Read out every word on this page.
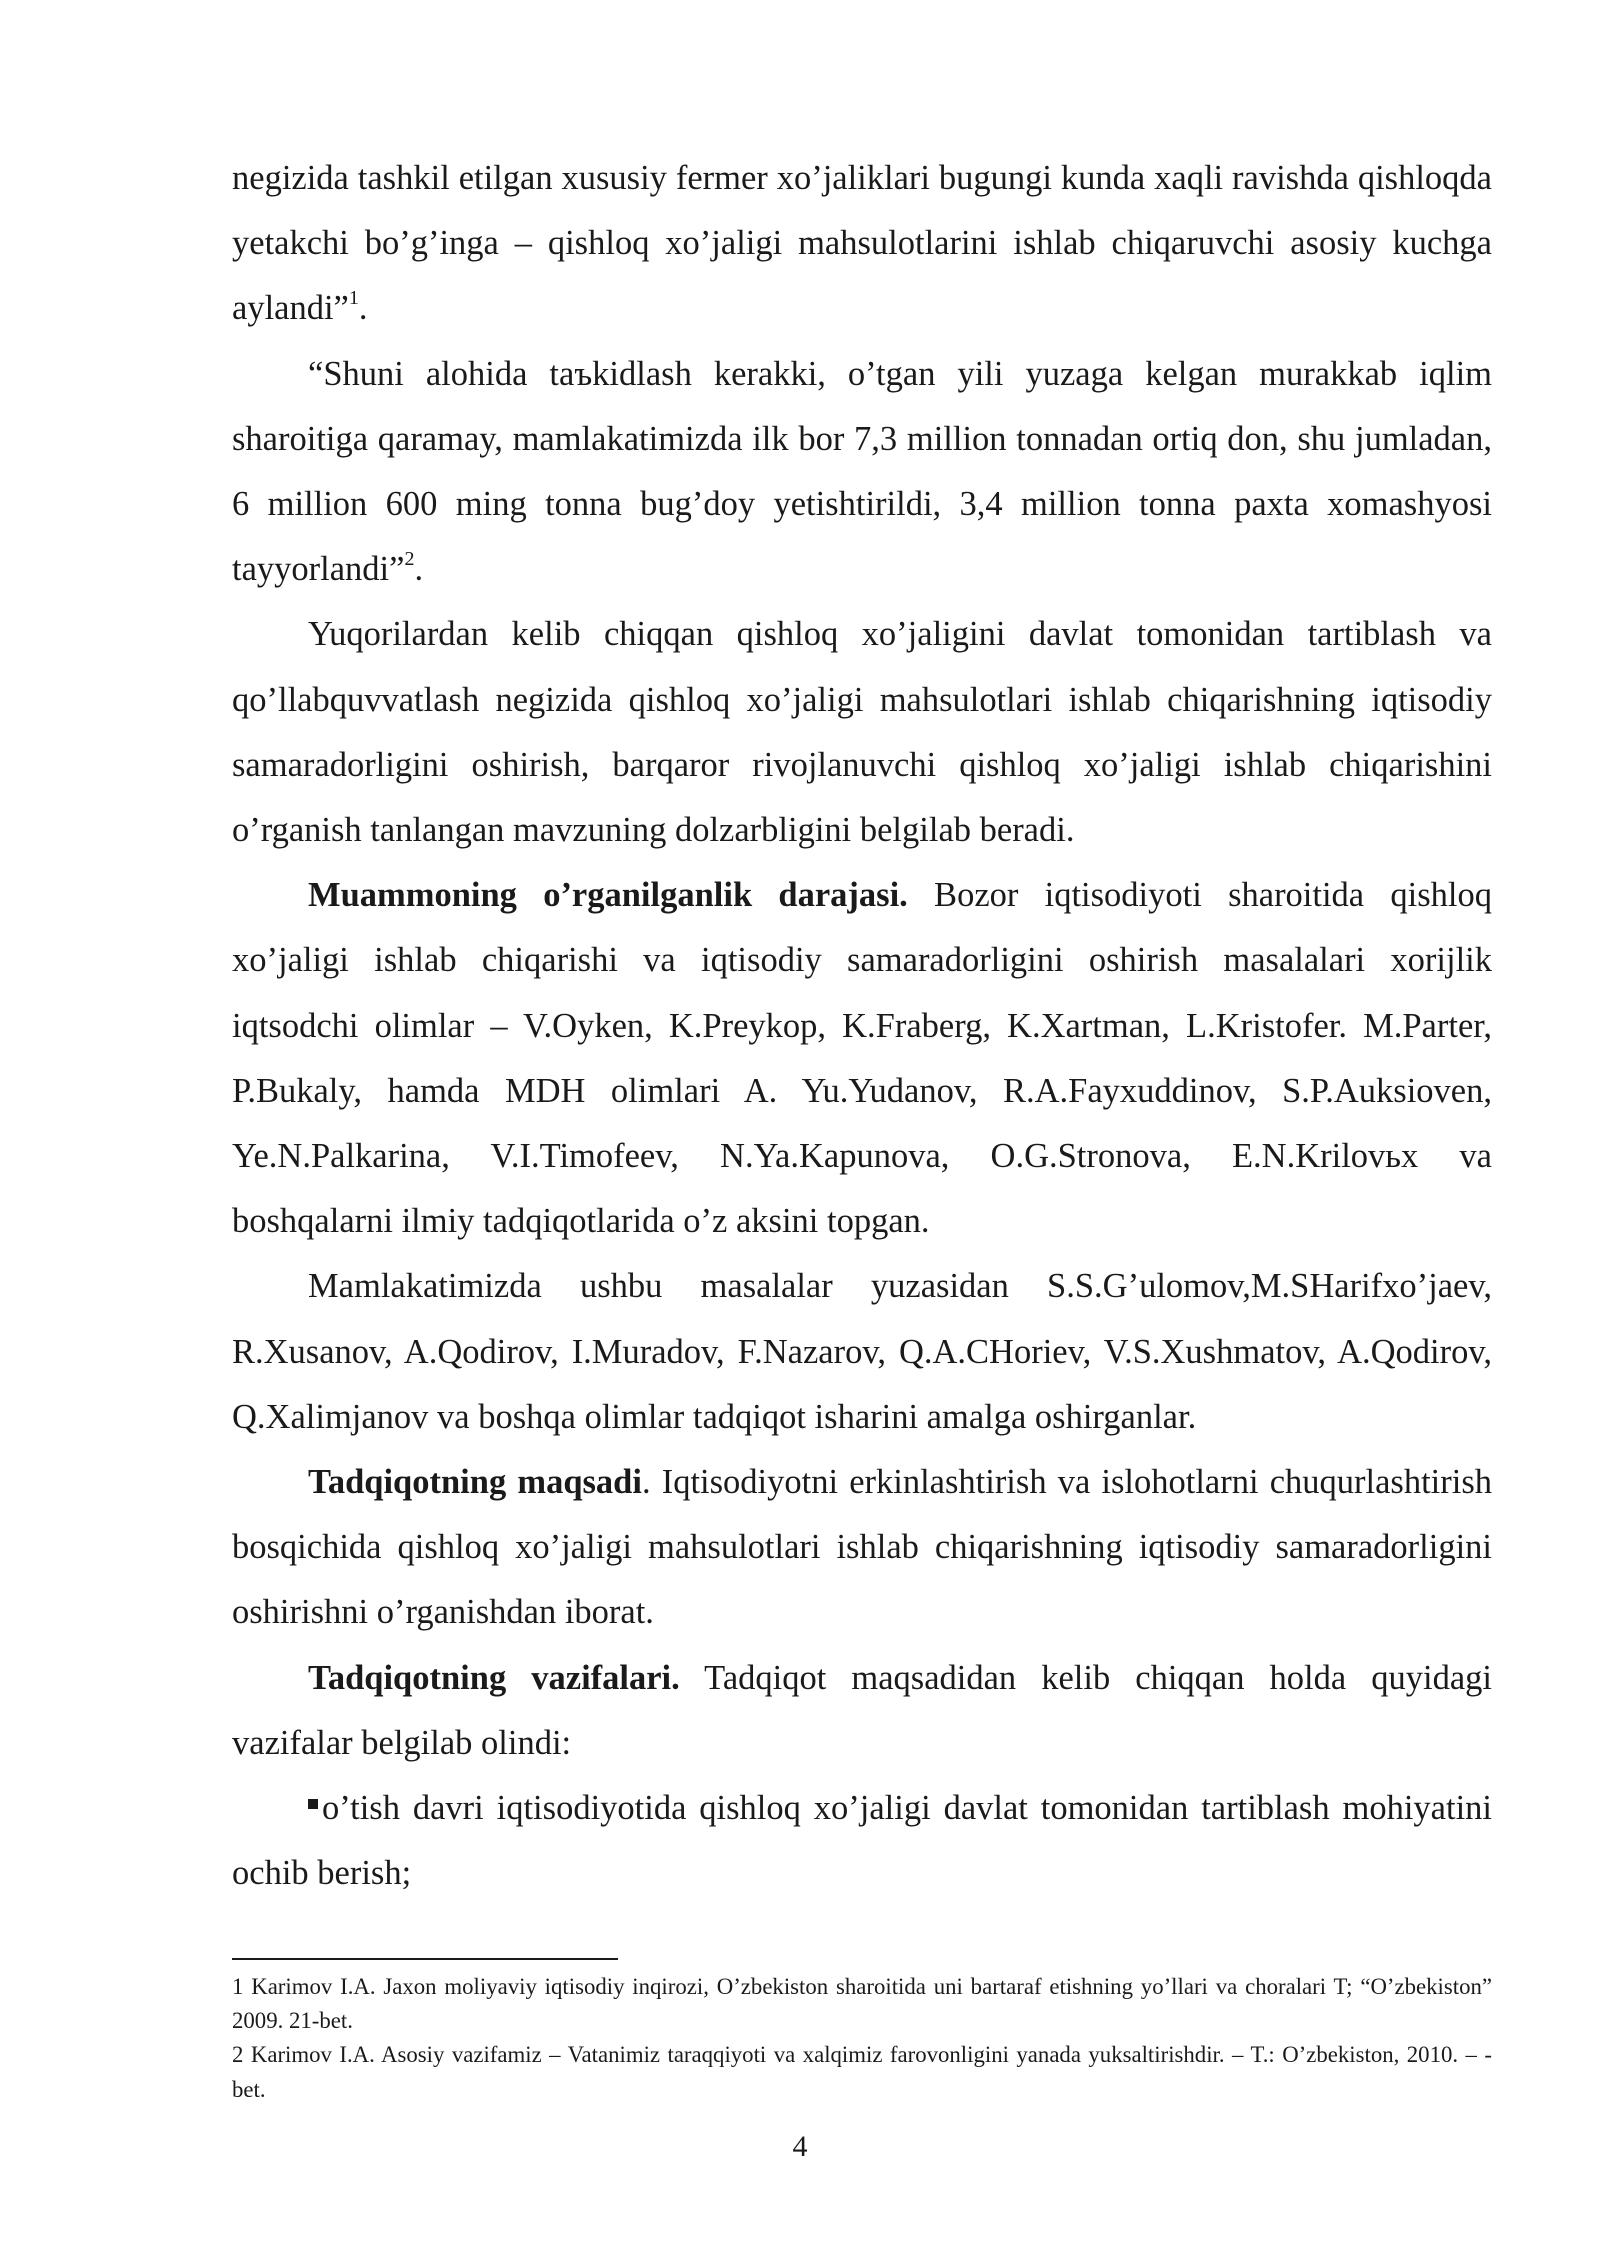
negizida tashkil etilgan xususiy fermer xo’jaliklari bugungi kunda xaqli ravishda qishloqda yetakchi bo’g’inga – qishloq xo’jaligi mahsulotlarini ishlab chiqaruvchi asosiy kuchga aylandi”$^1$.

“Shuni alohida taъkidlash kerakki, o’tgan yili yuzaga kelgan murakkab iqlim sharoitiga qaramay, mamlakatimizda ilk bor 7,3 million tonnadan ortiq don, shu jumladan, 6 million 600 ming tonna bug’doy yetishtirildi, 3,4 million tonna paxta xomashyosi tayyorlandi”$^2$.

Yuqorilardan kelib chiqqan qishloq xo’jaligini davlat tomonidan tartiblash va qo’llabquvvatlash negizida qishloq xo’jaligi mahsulotlari ishlab chiqarishning iqtisodiy samaradorligini oshirish, barqaror rivojlanuvchi qishloq xo’jaligi ishlab chiqarishini o’rganish tanlangan mavzuning dolzarbligini belgilab beradi.

Muammoning o’rganilganlik darajasi. Bozor iqtisodiyoti sharoitida qishloq xo’jaligi ishlab chiqarishi va iqtisodiy samaradorligini oshirish masalalari xorijlik iqtsodchi olimlar – V.Oyken, K.Preykop, K.Fraberg, K.Xartman, L.Kristofer. M.Parter, P.Bukaly, hamda MDH olimlari A. Yu.Yudanov, R.A.Fayxuddinov, S.P.Auksioven, Ye.N.Palkarina, V.I.Timofeev, N.Ya.Kapunova, O.G.Stronova, E.N.Krilovьx va boshqalarni ilmiy tadqiqotlarida o’z aksini topgan.

Mamlakatimizda ushbu masalalar yuzasidan S.S.G’ulomov,M.SHarifxo’jaev, R.Xusanov, A.Qodirov, I.Muradov, F.Nazarov, Q.A.CHoriev, V.S.Xushmatov, A.Qodirov, Q.Xalimjanov va boshqa olimlar tadqiqot isharini amalga oshirganlar.

Tadqiqotning maqsadi. Iqtisodiyotni erkinlashtirish va islohotlarni chuqurlashtirish bosqichida qishloq xo’jaligi mahsulotlari ishlab chiqarishning iqtisodiy samaradorligini oshirishni o’rganishdan iborat.

Tadqiqotning vazifalari. Tadqiqot maqsadidan kelib chiqqan holda quyidagi vazifalar belgilab olindi:

o’tish davri iqtisodiyotida qishloq xo’jaligi davlat tomonidan tartiblash mohiyatini ochib berish;

1 Karimov I.A. Jaxon moliyaviy iqtisodiy inqirozi, O’zbekiston sharoitida uni bartaraf etishning yo’llari va choralari T; “O’zbekiston” 2009. 21-bet.

2 Karimov I.A. Asosiy vazifamiz – Vatanimiz taraqqiyoti va xalqimiz farovonligini yanada yuksaltirishdir. – T.: O’zbekiston, 2010. – -bet.

4
